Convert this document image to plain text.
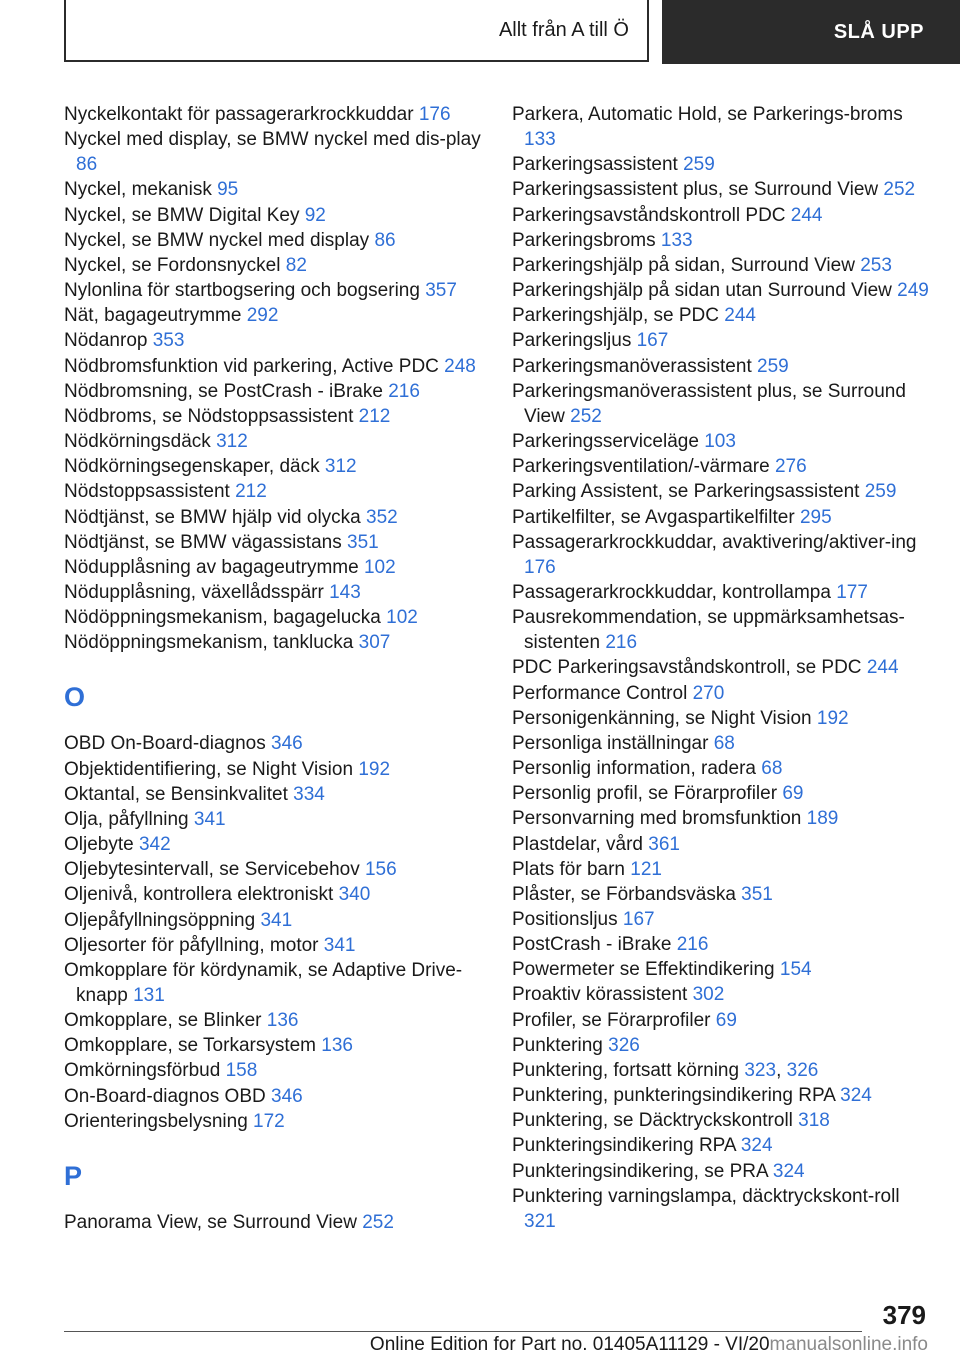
Allt från A till Ö	SLÅ UPP
Nyckelkontakt för passagerarkrockkuddar 176
Nyckel med display, se BMW nyckel med dis‐play 86
Nyckel, mekanisk 95
Nyckel, se BMW Digital Key 92
Nyckel, se BMW nyckel med display 86
Nyckel, se Fordonsnyckel 82
Nylonlina för startbogsering och bogsering 357
Nät, bagageutrymme 292
Nödanrop 353
Nödbromsfunktion vid parkering, Active PDC 248
Nödbromsning, se PostCrash - iBrake 216
Nödbroms, se Nödstoppsassistent 212
Nödkörningsdäck 312
Nödkörningsegenskaper, däck 312
Nödstoppsassistent 212
Nödtjänst, se BMW hjälp vid olycka 352
Nödtjänst, se BMW vägassistans 351
Nödupplåsning av bagageutrymme 102
Nödupplåsning, växellådsspärr 143
Nödöppningsmekanism, bagagelucka 102
Nödöppningsmekanism, tanklucka 307
O
OBD On-Board-diagnos 346
Objektidentifiering, se Night Vision 192
Oktantal, se Bensinkvalitet 334
Olja, påfyllning 341
Oljebyte 342
Oljebytesintervall, se Servicebehov 156
Oljenivå, kontrollera elektroniskt 340
Oljepåfyllningsöppning 341
Oljesorter för påfyllning, motor 341
Omkopplare för kördynamik, se Adaptive Drive-knapp 131
Omkopplare, se Blinker 136
Omkopplare, se Torkarsystem 136
Omkörningsförbud 158
On-Board-diagnos OBD 346
Orienteringsbelysning 172
P
Panorama View, se Surround View 252
Parkera, Automatic Hold, se Parkerings‐broms 133
Parkeringsassistent 259
Parkeringsassistent plus, se Surround View 252
Parkeringsavståndskontroll PDC 244
Parkeringsbroms 133
Parkeringshjälp på sidan, Surround View 253
Parkeringshjälp på sidan utan Surround View 249
Parkeringshjälp, se PDC 244
Parkeringsljus 167
Parkeringsmanöverassistent 259
Parkeringsmanöverassistent plus, se Surround View 252
Parkeringsserviceläge 103
Parkeringsventilation/-värmare 276
Parking Assistent, se Parkeringsassistent 259
Partikelfilter, se Avgaspartikelfilter 295
Passagerarkrockkuddar, avaktivering/aktiver‐ing 176
Passagerarkrockkuddar, kontrollampa 177
Pausrekommendation, se uppmärksamhetsas‐sistenten 216
PDC Parkeringsavståndskontroll, se PDC 244
Performance Control 270
Personigenkänning, se Night Vision 192
Personliga inställningar 68
Personlig information, radera 68
Personlig profil, se Förarprofiler 69
Personvarning med bromsfunktion 189
Plastdelar, vård 361
Plats för barn 121
Plåster, se Förbandsväska 351
Positionsljus 167
PostCrash - iBrake 216
Powermeter se Effektindikering 154
Proaktiv körassistent 302
Profiler, se Förarprofiler 69
Punktering 326
Punktering, fortsatt körning 323, 326
Punktering, punkteringsindikering RPA 324
Punktering, se Däcktryckskontroll 318
Punkteringsindikering RPA 324
Punkteringsindikering, se PRA 324
Punktering varningslampa, däcktryckskont‐roll 321
379
Online Edition for Part no. 01405A11129 - VI/20manualsonline.info
